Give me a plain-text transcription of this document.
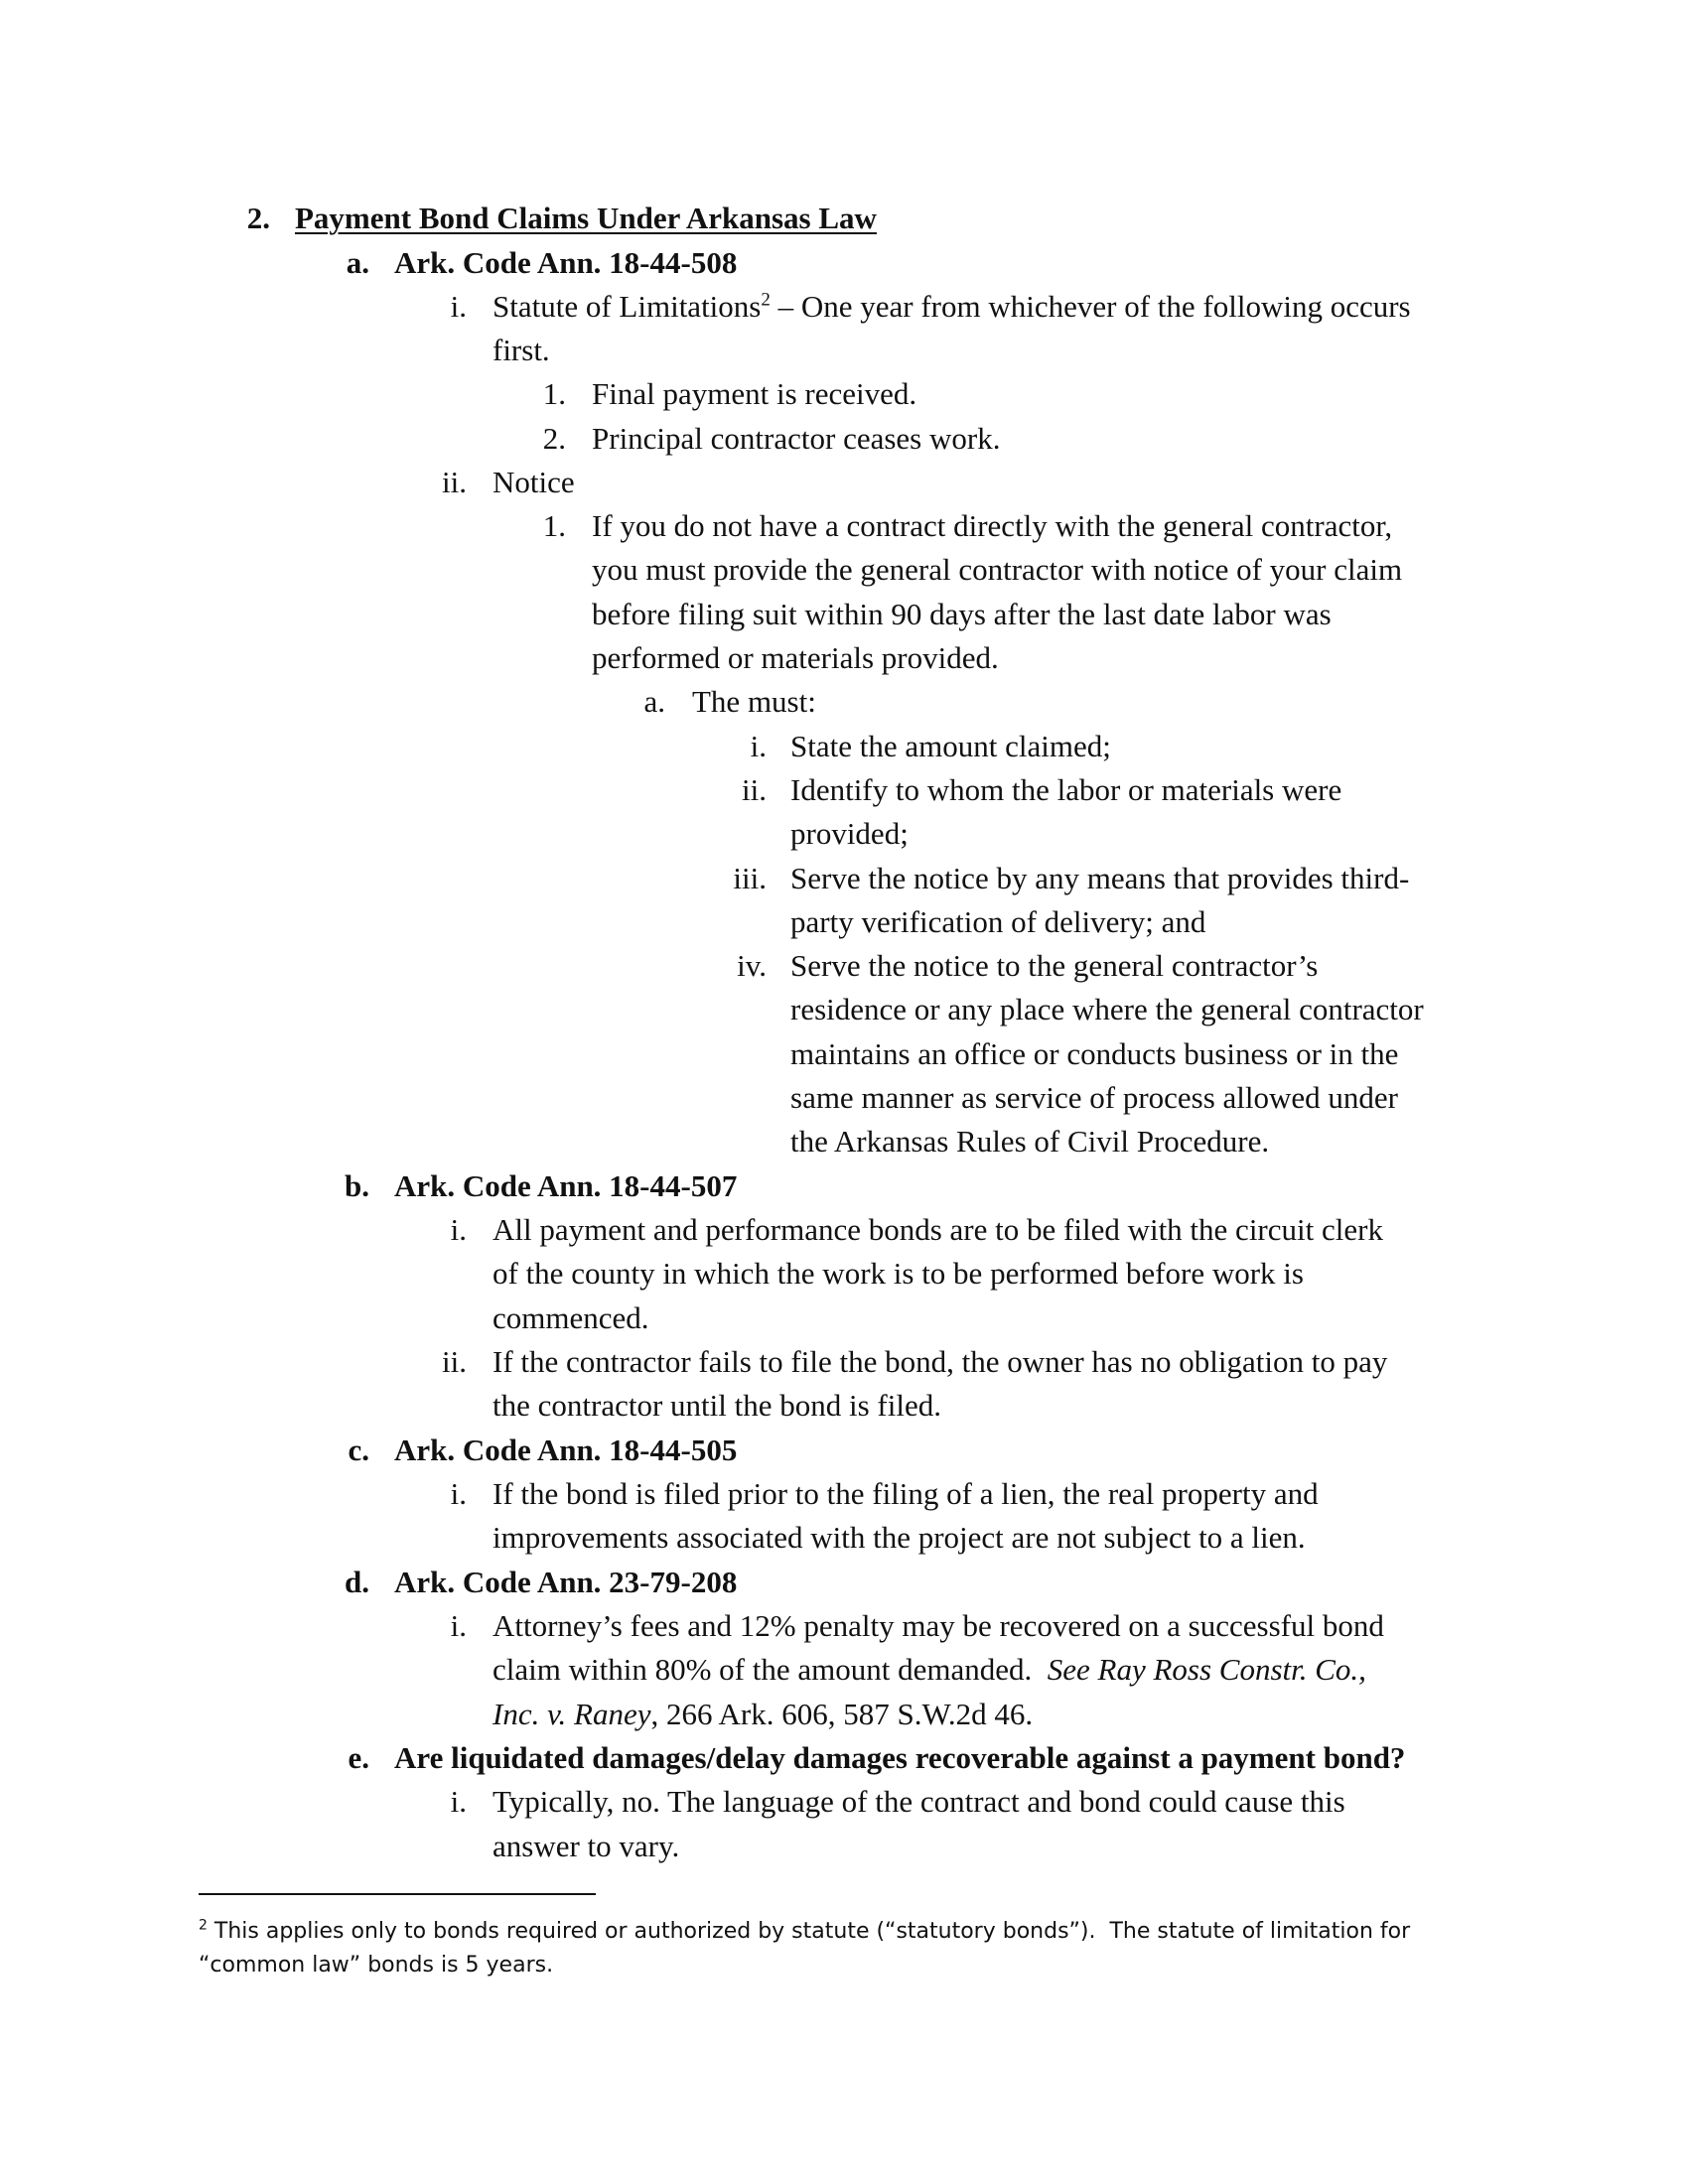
2. Payment Bond Claims Under Arkansas Law
a. Ark. Code Ann. 18-44-508
i. Statute of Limitations$^2$ – One year from whichever of the following occurs
first.
1. Final payment is received.
2. Principal contractor ceases work.
ii. Notice
1. If you do not have a contract directly with the general contractor,
you must provide the general contractor with notice of your claim
before filing suit within 90 days after the last date labor was
performed or materials provided.
a. The must:
i. State the amount claimed;
ii. Identify to whom the labor or materials were
provided;
iii. Serve the notice by any means that provides third-
party verification of delivery; and
iv. Serve the notice to the general contractor’s
residence or any place where the general contractor
maintains an office or conducts business or in the
same manner as service of process allowed under
the Arkansas Rules of Civil Procedure.
b. Ark. Code Ann. 18-44-507
i. All payment and performance bonds are to be filed with the circuit clerk
of the county in which the work is to be performed before work is
commenced.
ii. If the contractor fails to file the bond, the owner has no obligation to pay
the contractor until the bond is filed.
c. Ark. Code Ann. 18-44-505
i. If the bond is filed prior to the filing of a lien, the real property and
improvements associated with the project are not subject to a lien.
d. Ark. Code Ann. 23-79-208
i. Attorney’s fees and 12% penalty may be recovered on a successful bond
claim within 80% of the amount demanded.  See Ray Ross Constr. Co.,
Inc. v. Raney, 266 Ark. 606, 587 S.W.2d 46.
e. Are liquidated damages/delay damages recoverable against a payment bond?
i. Typically, no. The language of the contract and bond could cause this
answer to vary.
$^2$ This applies only to bonds required or authorized by statute (“statutory bonds”).  The statute of limitation for
“common law” bonds is 5 years.
